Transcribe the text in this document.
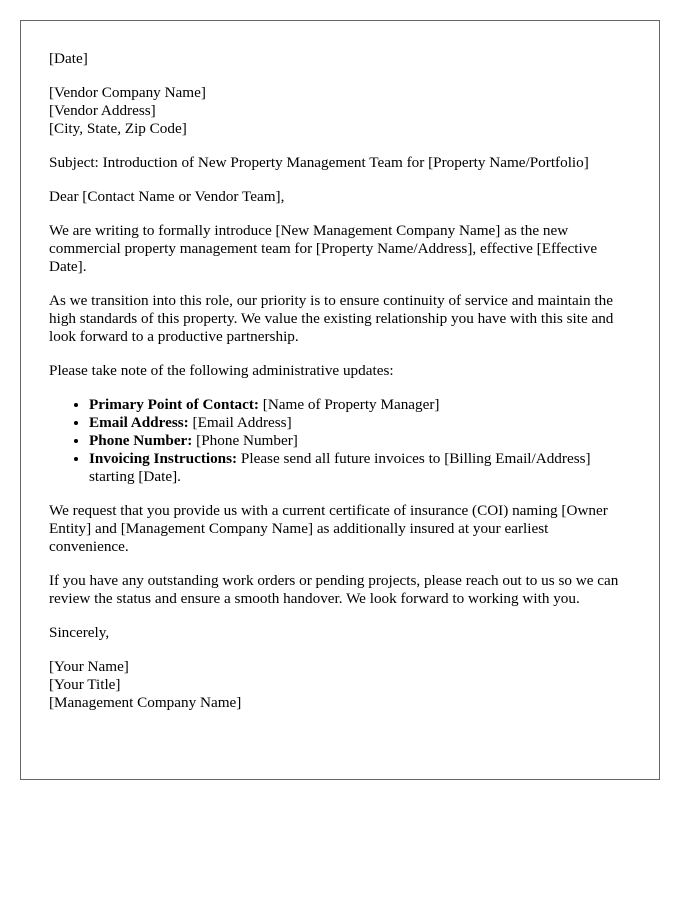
[Date]

[Vendor Company Name]
[Vendor Address]
[City, State, Zip Code]

Subject: Introduction of New Property Management Team for [Property Name/Portfolio]

Dear [Contact Name or Vendor Team],

We are writing to formally introduce [New Management Company Name] as the new commercial property management team for [Property Name/Address], effective [Effective Date].

As we transition into this role, our priority is to ensure continuity of service and maintain the high standards of this property. We value the existing relationship you have with this site and look forward to a productive partnership.

Please take note of the following administrative updates:

• Primary Point of Contact: [Name of Property Manager]
• Email Address: [Email Address]
• Phone Number: [Phone Number]
• Invoicing Instructions: Please send all future invoices to [Billing Email/Address] starting [Date].

We request that you provide us with a current certificate of insurance (COI) naming [Owner Entity] and [Management Company Name] as additionally insured at your earliest convenience.

If you have any outstanding work orders or pending projects, please reach out to us so we can review the status and ensure a smooth handover. We look forward to working with you.

Sincerely,

[Your Name]
[Your Title]
[Management Company Name]
